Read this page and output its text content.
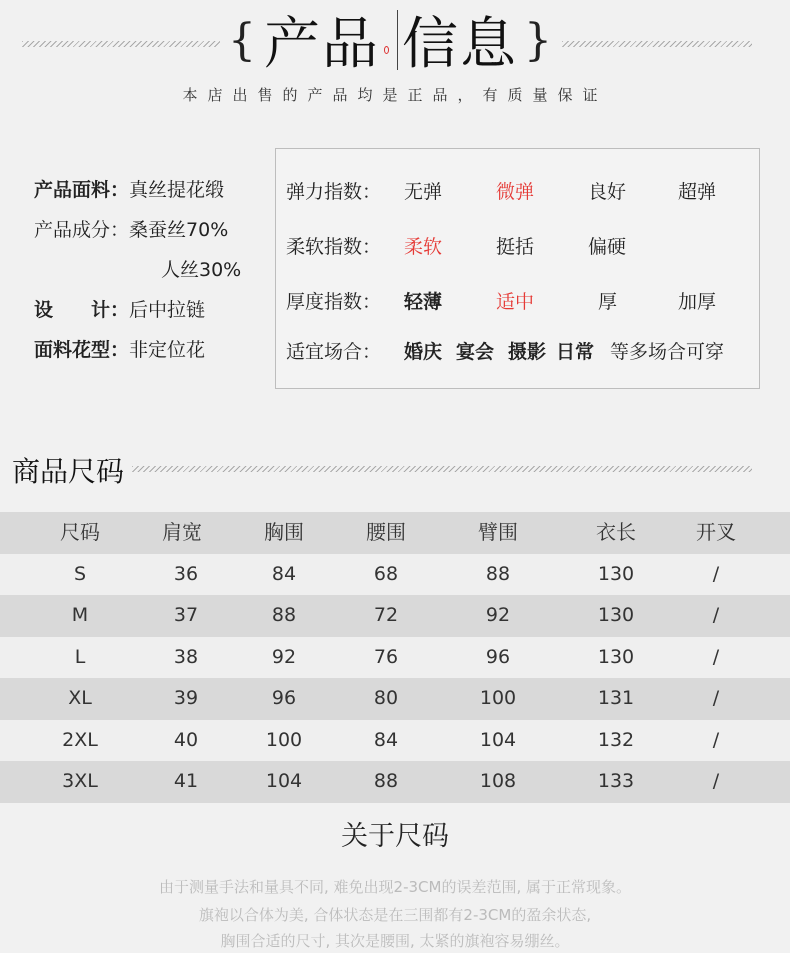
{ 产品 信息 }
本店出售的产品均是正品，有质量保证
产品面料： 真丝提花缎
产品成分： 桑蚕丝70%
人丝30%
设　　计： 后中拉链
面料花型： 非定位花
弹力指数： 无弹	微弹	良好	超弹
柔软指数： 柔软	挺括	偏硬
厚度指数： 轻薄	适中	厚	加厚
适宜场合： 婚庆 宴会 摄影 日常 等多场合可穿
商品尺码
尺码	肩宽	胸围	腰围	臂围	衣长	开叉
S	36	84	68	88	130	/
M	37	88	72	92	130	/
L	38	92	76	96	130	/
XL	39	96	80	100	131	/
2XL	40	100	84	104	132	/
3XL	41	104	88	108	133	/
关于尺码
由于测量手法和量具不同, 难免出现2-3CM的误差范围, 属于正常现象。
旗袍以合体为美, 合体状态是在三围都有2-3CM的盈余状态,
胸围合适的尺寸, 其次是腰围, 太紧的旗袍容易绷丝。
